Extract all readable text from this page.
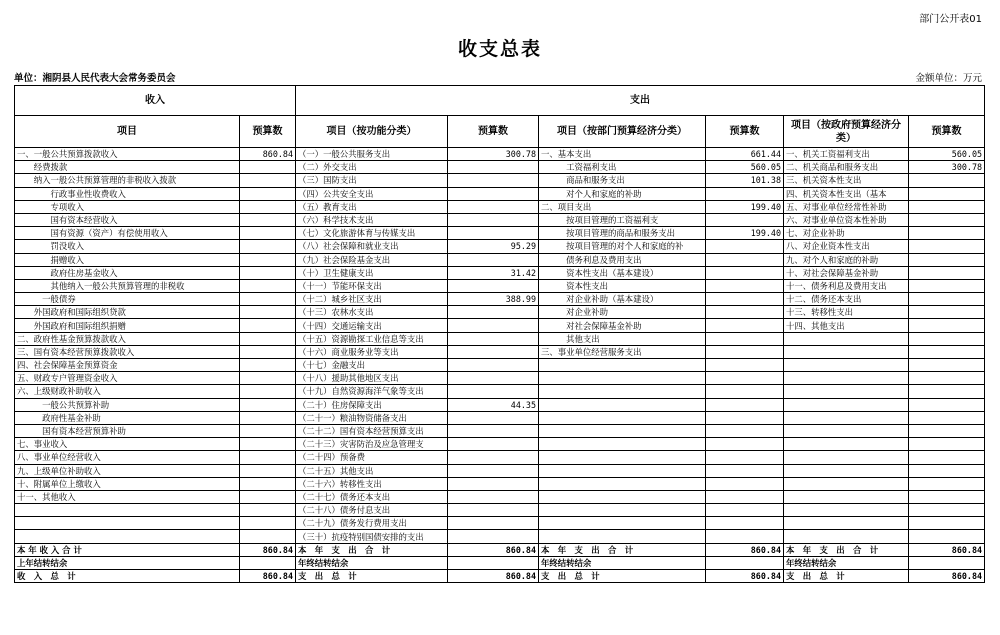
部门公开表01
收支总表
单位：湘阴县人民代表大会常务委员会	金额单位：万元
收入		支出					
项目	预算数	项目（按功能分类）	预算数	项目（按部门预算经济分类）	预算数	项目（按政府预算经济分类）	预算数
一、一般公共预算拨款收入	860.84	（一）一般公共服务支出	300.78	一、基本支出	661.44	一、机关工资福利支出	560.05
　　经费拨款		（二）外交支出		　　　工资福利支出	560.05	二、机关商品和服务支出	300.78
　　纳入一般公共预算管理的非税收入拨款		（三）国防支出		　　　商品和服务支出	101.38	三、机关资本性支出	
　　　　行政事业性收费收入		（四）公共安全支出		　　　对个人和家庭的补助		四、机关资本性支出（基本	
　　　　专项收入		（五）教育支出		二、项目支出	199.40	五、对事业单位经常性补助	
　　　　国有资本经营收入		（六）科学技术支出		　　　按项目管理的工资福利支		六、对事业单位资本性补助	
　　　　国有资源（资产）有偿使用收入		（七）文化旅游体育与传媒支出		　　　按项目管理的商品和服务支出	199.40	七、对企业补助	
　　　　罚没收入		（八）社会保障和就业支出	95.29	　　　按项目管理的对个人和家庭的补		八、对企业资本性支出	
　　　　捐赠收入		（九）社会保险基金支出		　　　债务利息及费用支出		九、对个人和家庭的补助	
　　　　政府住房基金收入		（十）卫生健康支出	31.42	　　　资本性支出（基本建设）		十、对社会保障基金补助	
　　　　其他纳入一般公共预算管理的非税收		（十一）节能环保支出		　　　资本性支出		十一、债务利息及费用支出	
　　　一般债券		（十二）城乡社区支出	388.99	　　　对企业补助（基本建设）		十二、债务还本支出	
　　外国政府和国际组织贷款		（十三）农林水支出		　　　对企业补助		十三、转移性支出	
　　外国政府和国际组织捐赠		（十四）交通运输支出		　　　对社会保障基金补助		十四、其他支出	
二、政府性基金预算拨款收入		（十五）资源勘探工业信息等支出		　　　其他支出			
三、国有资本经营预算拨款收入		（十六）商业服务业等支出		三、事业单位经营服务支出			
四、社会保障基金预算资金		（十七）金融支出					
五、财政专户管理资金收入		（十八）援助其他地区支出					
六、上级财政补助收入		（十九）自然资源海洋气象等支出					
　　　一般公共预算补助		（二十）住房保障支出	44.35				
　　　政府性基金补助		（二十一）粮油物资储备支出					
　　　国有资本经营预算补助		（二十二）国有资本经营预算支出					
七、事业收入		（二十三）灾害防治及应急管理支					
八、事业单位经营收入		（二十四）预备费					
九、上级单位补助收入		（二十五）其他支出					
十、附属单位上缴收入		（二十六）转移性支出					
十一、其他收入		（二十七）债务还本支出					
		（二十八）债务付息支出					
		（二十九）债务发行费用支出					
		（三十）抗疫特别国债安排的支出					
本 年 收 入 合 计	860.84	本　年　支　出　合　计	860.84	本　年　支　出　合　计	860.84	本　年　支　出　合　计	860.84
上年结转结余		年终结转结余		年终结转结余		年终结转结余	
收　入　总　计	860.84	支　出　总　计	860.84	支　出　总　计	860.84	支　出　总　计	860.84
